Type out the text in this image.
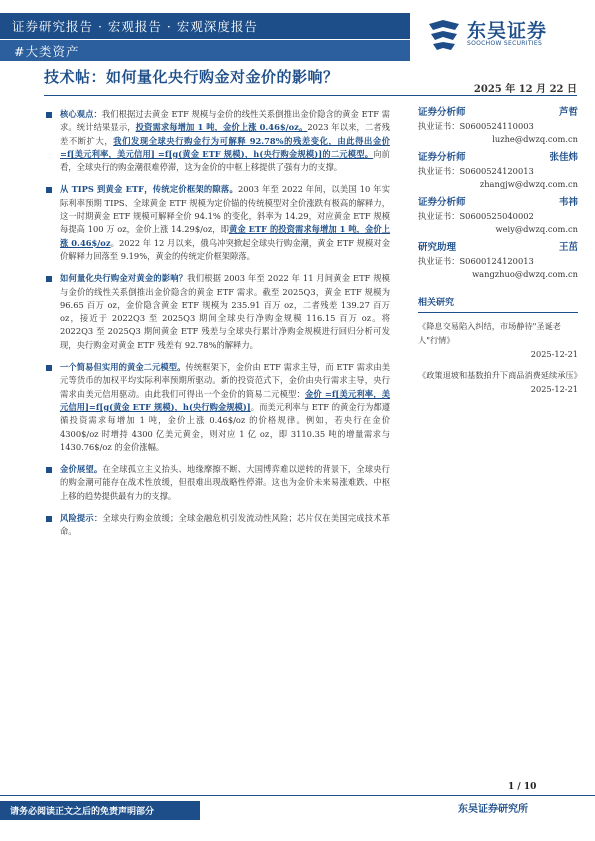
证券研究报告 · 宏观报告 · 宏观深度报告
#大类资产
东吴证券
SOOCHOW SECURITIES
技术帖：如何量化央行购金对金价的影响？
2025 年 12 月 22 日
核心观点：我们根据过去黄金 ETF 规模与金价的线性关系倒推出金价隐含的黄金 ETF 需求。统计结果显示，投资需求每增加 1 吨，金价上涨 0.46$/oz。2023 年以来，二者残差不断扩大，我们发现全球央行购金行为可解释 92.78%的残差变化，由此得出金价 =f[美元利率，美元信用] =f[g(黄金 ETF 规模)，h(央行购金规模)]的二元模型。向前看，全球央行的购金潮很难停滞，这为金价的中枢上移提供了强有力的支撑。
从 TIPS 到黄金 ETF，传统定价框架的隙落。2003 年至 2022 年间，以美国 10 年实际利率预期 TIPS、全球黄金 ETF 规模为定价锚的传统模型对全价涨跌有极高的解释力，这一时期黄金 ETF 规模可解释全价 94.1% 的变化，斜率为 14.29，对应黄金 ETF 规模每提高 100 万 oz，金价上涨 14.29$/oz，即黄金 ETF 的投资需求每增加 1 吨，金价上涨 0.46$/oz。2022 年 12 月以来，俄乌冲突掀起全球央行购金潮，黄金 ETF 规模对金价解释力回落至 9.19%，黄金的传统定价框架隙落。
如何量化央行购金对黄金的影响？我们根据 2003 年至 2022 年 11 月间黄金 ETF 规模与金价的线性关系倒推出金价隐含的黄金 ETF 需求。截至 2025Q3，黄金 ETF 规模为 96.65 百万 oz，金价隐含黄金 ETF 规模为 235.91 百万 oz，二者残差 139.27 百万 oz，接近于 2022Q3 至 2025Q3 期间全球央行净购金规模 116.15 百万 oz。将 2022Q3 至 2025Q3 期间黄金 ETF 残差与全球央行累计净购金规模进行回归分析可发现，央行购金对黄金 ETF 残差有 92.78%的解释力。
一个简易但实用的黄金二元模型。传统框架下，金价由 ETF 需求主导，而 ETF 需求由美元等货币的加权平均实际利率预期所驱动。新的投资范式下，金价由央行需求主导，央行需求由美元信用驱动。由此我们可得出一个金价的简易二元模型：金价 =f[美元利率，美元信用]=f[g(黄金 ETF 规模)，h(央行购金规模)]。而美元利率与 ETF 的黄金行为都遵循投资需求每增加 1 吨，金价上涨 0.46$/oz 的价格规律。例如，若央行在金价 4300$/oz 时增持 4300 亿美元黄金，则对应 1 亿 oz，即 3110.35 吨的增量需求与 1430.76$/oz 的金价涨幅。
金价展望。在全球孤立主义抬头、地缘摩擦不断、大国博弈难以逆转的背景下，全球央行的购金潮可能存在战术性放缓，但很难出现战略性停滞。这也为金价未来易涨难跌、中枢上移的趋势提供最有力的支撑。
风险提示：全球央行购金放缓；全球金融危机引发流动性风险；芯片仅在美国完成技术革命。
证券分析师	芦哲
执业证书：S0600524110003
luzhe@dwzq.com.cn
证券分析师	张佳炜
执业证书：S0600524120013
zhangjw@dwzq.com.cn
证券分析师	韦祎
执业证书：S0600525040002
weiy@dwzq.com.cn
研究助理	王茁
执业证书：S0600124120013
wangzhuo@dwzq.com.cn
相关研究
《降息交易陷入纠结，市场静待"圣诞老人"行情》
2025-12-21
《政策退坡和基数拍升下商品消费延续承压》
2025-12-21
1 / 10
请务必阅读正文之后的免责声明部分	东吴证券研究所
